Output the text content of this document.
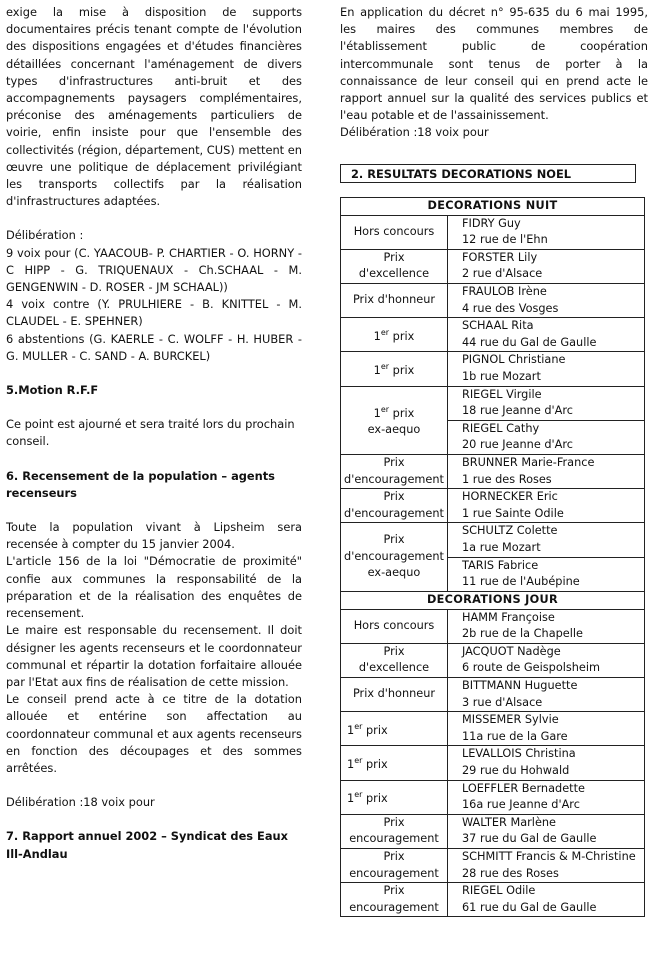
exige la mise à disposition de supports documentaires précis tenant compte de l'évolution des dispositions engagées et d'études financières détaillées concernant l'aménagement de divers types d'infrastructures anti-bruit et des accompagnements paysagers complémentaires, préconise des aménagements particuliers de voirie, enfin insiste pour que l'ensemble des collectivités (région, département, CUS) mettent en œuvre une politique de déplacement privilégiant les transports collectifs par la réalisation d'infrastructures adaptées.

Délibération :

9 voix pour (C. YAACOUB- P. CHARTIER - O. HORNY - C HIPP - G. TRIQUENAUX - Ch.SCHAAL - M. GENGENWIN - D. ROSER - JM SCHAAL))

4 voix contre (Y. PRULHIERE - B. KNITTEL - M. CLAUDEL - E. SPEHNER)

6 abstentions (G. KAERLE - C. WOLFF - H. HUBER - G. MULLER - C. SAND - A. BURCKEL)

5.Motion R.F.F

Ce point est ajourné et sera traité lors du prochain conseil.

6. Recensement de la population – agents recenseurs

Toute la population vivant à Lipsheim sera recensée à compter du 15 janvier 2004.

L'article 156 de la loi "Démocratie de proximité" confie aux communes la responsabilité de la préparation et de la réalisation des enquêtes de recensement.

Le maire est responsable du recensement. Il doit désigner les agents recenseurs et le coordonnateur communal et répartir la dotation forfaitaire allouée par l'Etat aux fins de réalisation de cette mission.

Le conseil prend acte à ce titre de la dotation allouée et entérine son affectation au coordonnateur communal et aux agents recenseurs en fonction des découpages et des sommes arrêtées.

Délibération :18 voix pour

7. Rapport annuel 2002 – Syndicat des Eaux Ill-Andlau

En application du décret n° 95-635 du 6 mai 1995, les maires des communes membres de l'établissement public de coopération intercommunale sont tenus de porter à la connaissance de leur conseil qui en prend acte le rapport annuel sur la qualité des services publics et l'eau potable et de l'assainissement.

Délibération :18 voix pour

2. RESULTATS DECORATIONS NOEL
DECORATIONS NUIT	

Hors concours	FIDRY Guy
12 rue de l'Ehn

Prix
d'excellence	FORSTER Lily
2 rue d'Alsace

Prix d'honneur	FRAULOB Irène
4 rue des Vosges

1er prix	SCHAAL Rita
44 rue du Gal de Gaulle

1er prix	PIGNOL Christiane
1b rue Mozart

1er prix
ex-aequo	RIEGEL Virgile
18 rue Jeanne d'Arc

	RIEGEL Cathy
20 rue Jeanne d'Arc

Prix
d'encouragement	BRUNNER Marie-France
1 rue des Roses

Prix
d'encouragement	HORNECKER Eric
1 rue Sainte Odile

Prix
d'encouragement
ex-aequo	SCHULTZ Colette
1a rue Mozart

	TARIS Fabrice
11 rue de l'Aubépine

DECORATIONS JOUR	

Hors concours	HAMM Françoise
2b rue de la Chapelle

Prix
d'excellence	JACQUOT Nadège
6 route de Geispolsheim

Prix d'honneur	BITTMANN Huguette
3 rue d'Alsace

1er prix	MISSEMER Sylvie
11a rue de la Gare

1er prix	LEVALLOIS Christina
29 rue du Hohwald

1er prix	LOEFFLER Bernadette
16a rue Jeanne d'Arc

Prix
encouragement	WALTER Marlène
37 rue du Gal de Gaulle

Prix
encouragement	SCHMITT Francis & M-Christine
28 rue des Roses

Prix
encouragement	RIEGEL Odile
61 rue du Gal de Gaulle
